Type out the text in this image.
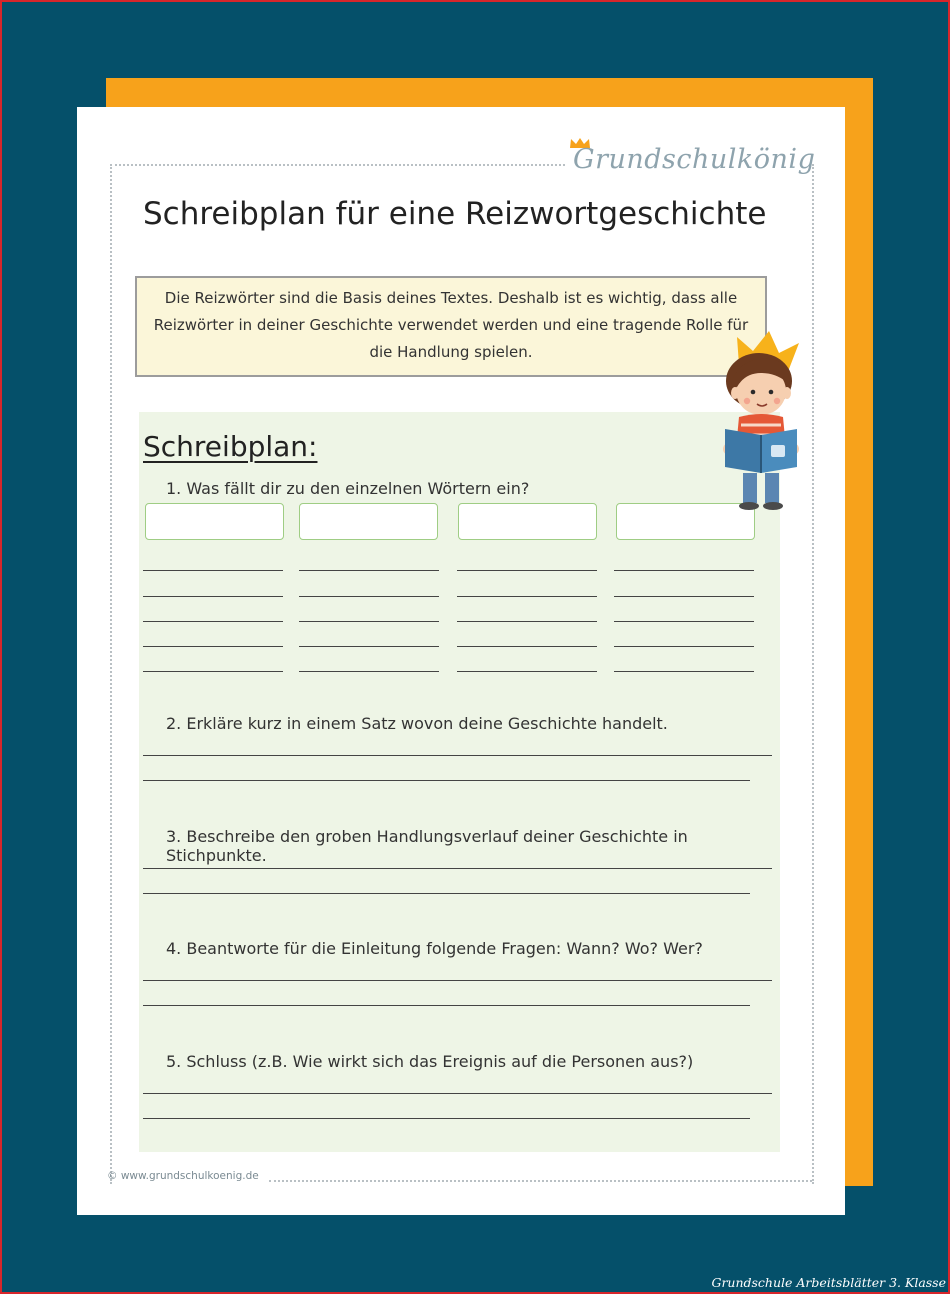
Grundschulkönig
Schreibplan für eine Reizwortgeschichte
Die Reizwörter sind die Basis deines Textes. Deshalb ist es wichtig, dass alle Reizwörter in deiner Geschichte verwendet werden und eine tragende Rolle für die Handlung spielen.
Schreibplan:
1. Was fällt dir zu den einzelnen Wörtern ein?
2. Erkläre kurz in einem Satz wovon deine Geschichte handelt.
3. Beschreibe den groben Handlungsverlauf deiner Geschichte in Stichpunkte.
4. Beantworte für die Einleitung folgende Fragen: Wann? Wo? Wer?
5. Schluss (z.B. Wie wirkt sich das Ereignis auf die Personen aus?)
© www.grundschulkoenig.de
Grundschule Arbeitsblätter 3. Klasse
